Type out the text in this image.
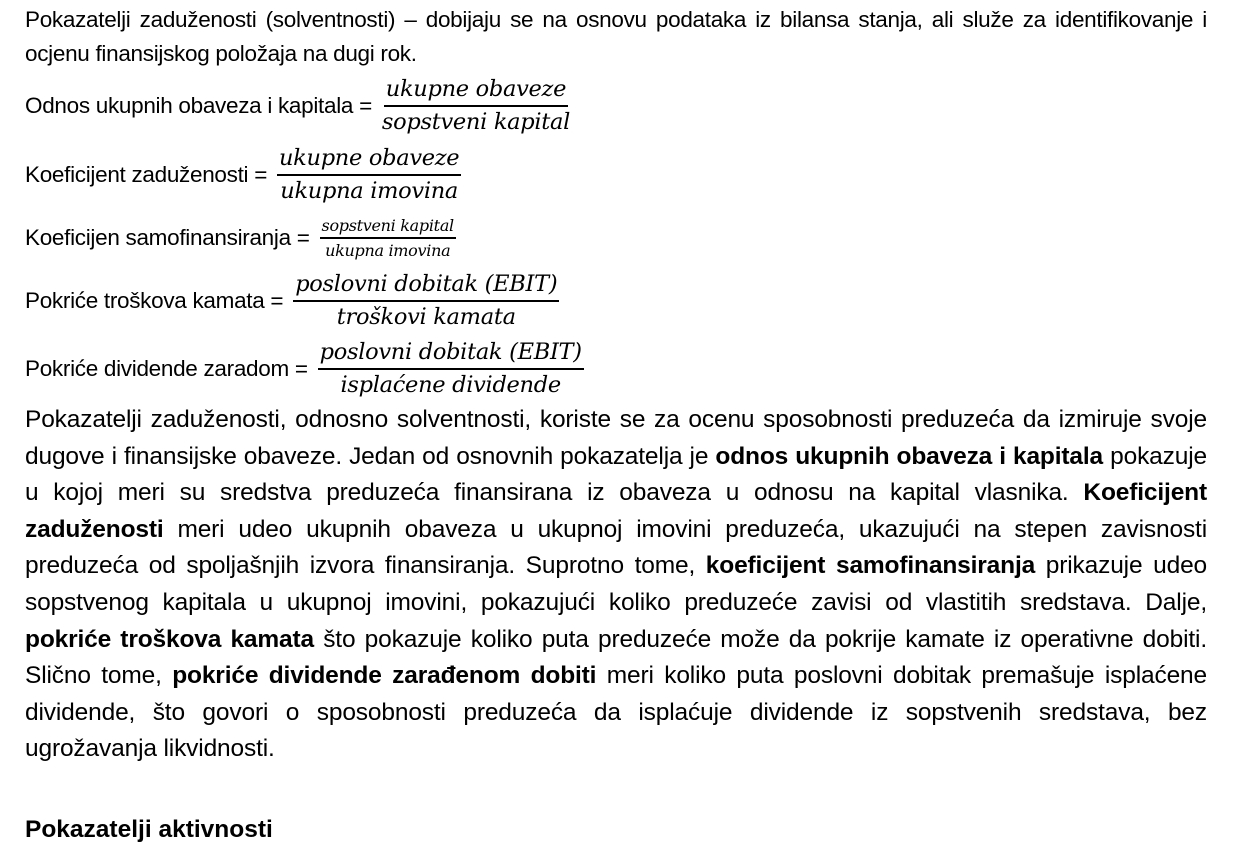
Pokazatelji zaduženosti (solventnosti) – dobijaju se na osnovu podataka iz bilansa stanja, ali služe za identifikovanje i ocjenu finansijskog položaja na dugi rok.

Odnos ukupnih obaveza i kapitala = $\frac{\text{ukupne obaveze}}{\text{sopstveni kapital}}$
Koeficijent zaduženosti = $\frac{\text{ukupne obaveze}}{\text{ukupna imovina}}$
Koeficijen samofinansiranja = $\frac{\text{sopstveni kapital}}{\text{ukupna imovina}}$
Pokriće troškova kamata = $\frac{\text{poslovni dobitak (EBIT)}}{\text{troškovi kamata}}$
Pokriće dividende zaradom = $\frac{\text{poslovni dobitak (EBIT)}}{\text{isplaćene dividende}}$

Pokazatelji zaduženosti, odnosno solventnosti, koriste se za ocenu sposobnosti preduzeća da izmiruje svoje dugove i finansijske obaveze. Jedan od osnovnih pokazatelja je odnos ukupnih obaveza i kapitala pokazuje u kojoj meri su sredstva preduzeća finansirana iz obaveza u odnosu na kapital vlasnika. Koeficijent zaduženosti meri udeo ukupnih obaveza u ukupnoj imovini preduzeća, ukazujući na stepen zavisnosti preduzeća od spoljašnjih izvora finansiranja. Suprotno tome, koeficijent samofinansiranja prikazuje udeo sopstvenog kapitala u ukupnoj imovini, pokazujući koliko preduzeće zavisi od vlastitih sredstava. Dalje, pokriće troškova kamata što pokazuje koliko puta preduzeće može da pokrije kamate iz operativne dobiti. Slično tome, pokriće dividende zarađenom dobiti meri koliko puta poslovni dobitak premašuje isplaćene dividende, što govori o sposobnosti preduzeća da isplaćuje dividende iz sopstvenih sredstava, bez ugrožavanja likvidnosti.

Pokazatelji aktivnosti
